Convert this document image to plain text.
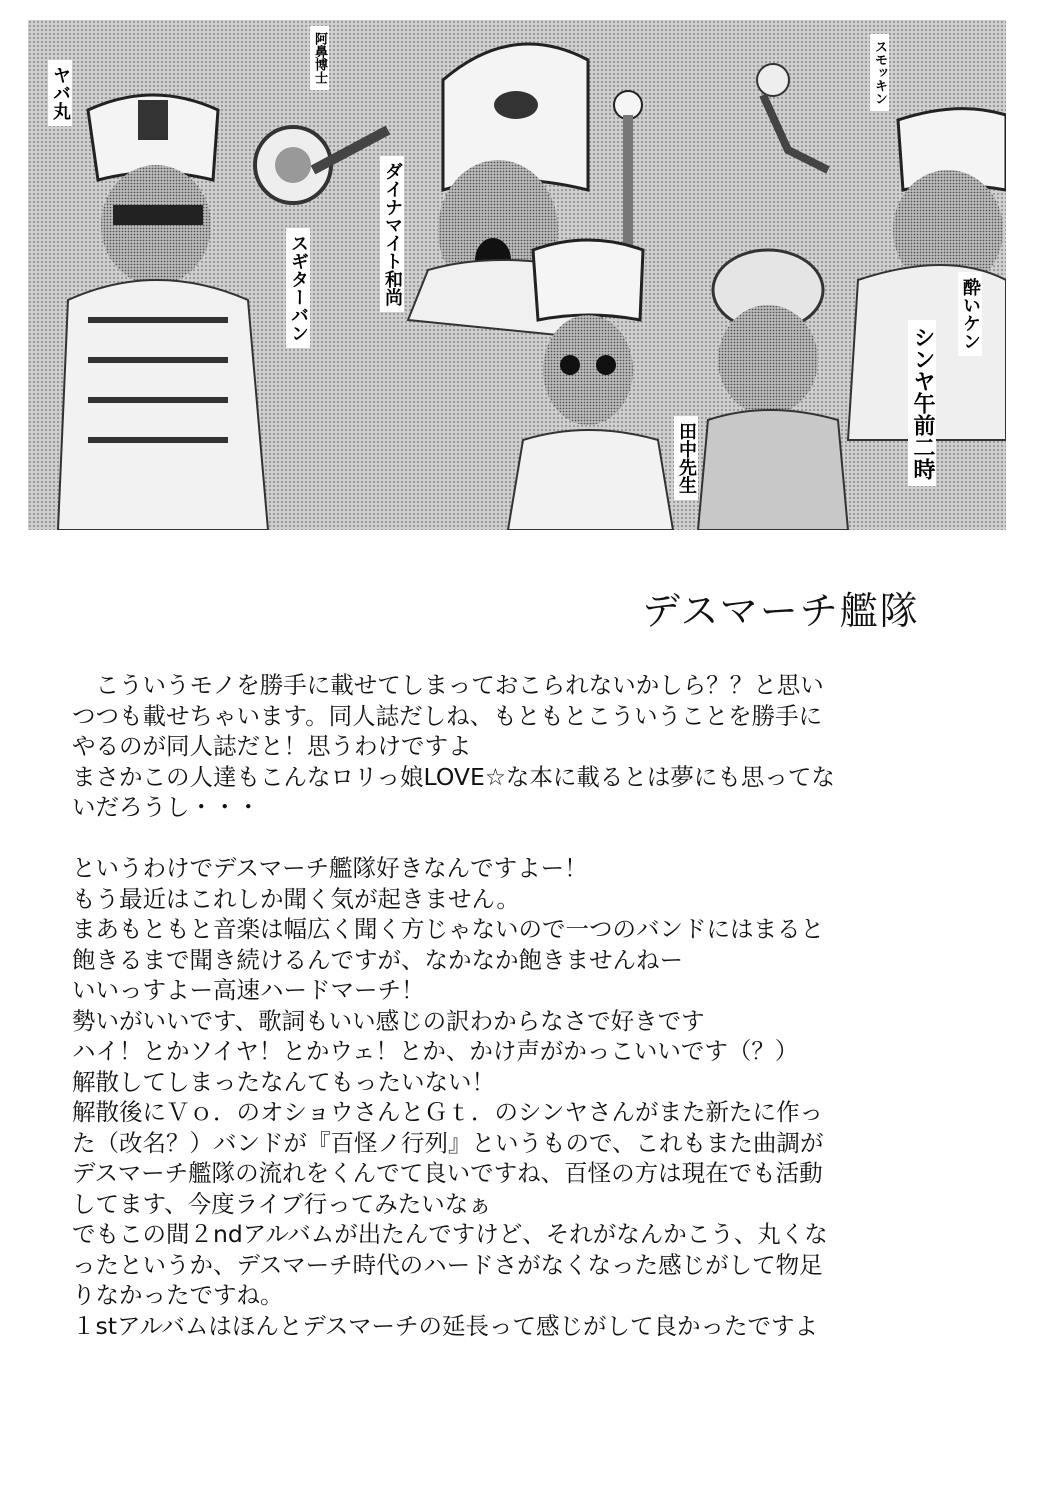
ヤバ丸
阿鼻博士
ダイナマイト和尚
スギターバン
スモッキン
田中先生	シンヤ午前二時
酔いケン
デスマーチ艦隊

　こういうモノを勝手に載せてしまっておこられないかしら？？と思い
つつも載せちゃいます。同人誌だしね、もともとこういうことを勝手に
やるのが同人誌だと！思うわけですよ
まさかこの人達もこんなロリっ娘LOVE☆な本に載るとは夢にも思ってな
いだろうし・・・

というわけでデスマーチ艦隊好きなんですよー！
もう最近はこれしか聞く気が起きません。
まあもともと音楽は幅広く聞く方じゃないので一つのバンドにはまると
飽きるまで聞き続けるんですが、なかなか飽きませんねー
いいっすよー高速ハードマーチ！
勢いがいいです、歌詞もいい感じの訳わからなさで好きです
ハイ！とかソイヤ！とかウェ！とか、かけ声がかっこいいです（？）
解散してしまったなんてもったいない！
解散後にＶｏ．のオショウさんとＧｔ．のシンヤさんがまた新たに作っ
た（改名？）バンドが『百怪ノ行列』というもので、これもまた曲調が
デスマーチ艦隊の流れをくんでて良いですね、百怪の方は現在でも活動
してます、今度ライブ行ってみたいなぁ
でもこの間２ndアルバムが出たんですけど、それがなんかこう、丸くな
ったというか、デスマーチ時代のハードさがなくなった感じがして物足
りなかったですね。
１stアルバムはほんとデスマーチの延長って感じがして良かったですよ
